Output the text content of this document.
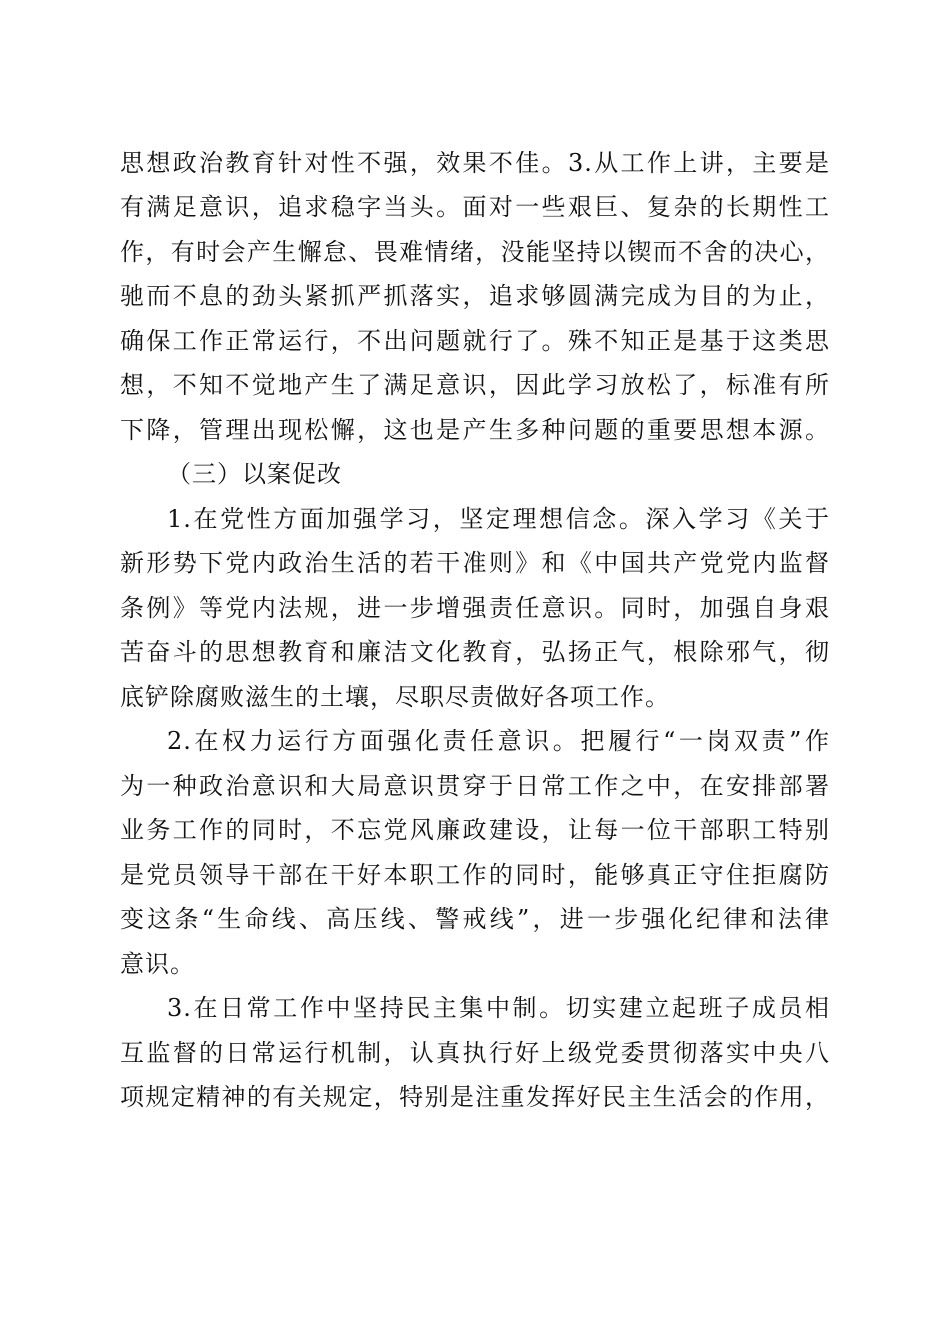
思想政治教育针对性不强，效果不佳。3.从工作上讲，主要是
有满足意识，追求稳字当头。面对一些艰巨、复杂的长期性工
作，有时会产生懈怠、畏难情绪，没能坚持以锲而不舍的决心，
驰而不息的劲头紧抓严抓落实，追求够圆满完成为目的为止，
确保工作正常运行，不出问题就行了。殊不知正是基于这类思
想，不知不觉地产生了满足意识，因此学习放松了，标准有所
下降，管理出现松懈，这也是产生多种问题的重要思想本源。
（三）以案促改
1.在党性方面加强学习，坚定理想信念。深入学习《关于
新形势下党内政治生活的若干准则》和《中国共产党党内监督
条例》等党内法规，进一步增强责任意识。同时，加强自身艰
苦奋斗的思想教育和廉洁文化教育，弘扬正气，根除邪气，彻
底铲除腐败滋生的土壤，尽职尽责做好各项工作。
2.在权力运行方面强化责任意识。把履行“一岗双责”作
为一种政治意识和大局意识贯穿于日常工作之中，在安排部署
业务工作的同时，不忘党风廉政建设，让每一位干部职工特别
是党员领导干部在干好本职工作的同时，能够真正守住拒腐防
变这条“生命线、高压线、警戒线”，进一步强化纪律和法律
意识。
3.在日常工作中坚持民主集中制。切实建立起班子成员相
互监督的日常运行机制，认真执行好上级党委贯彻落实中央八
项规定精神的有关规定，特别是注重发挥好民主生活会的作用，
